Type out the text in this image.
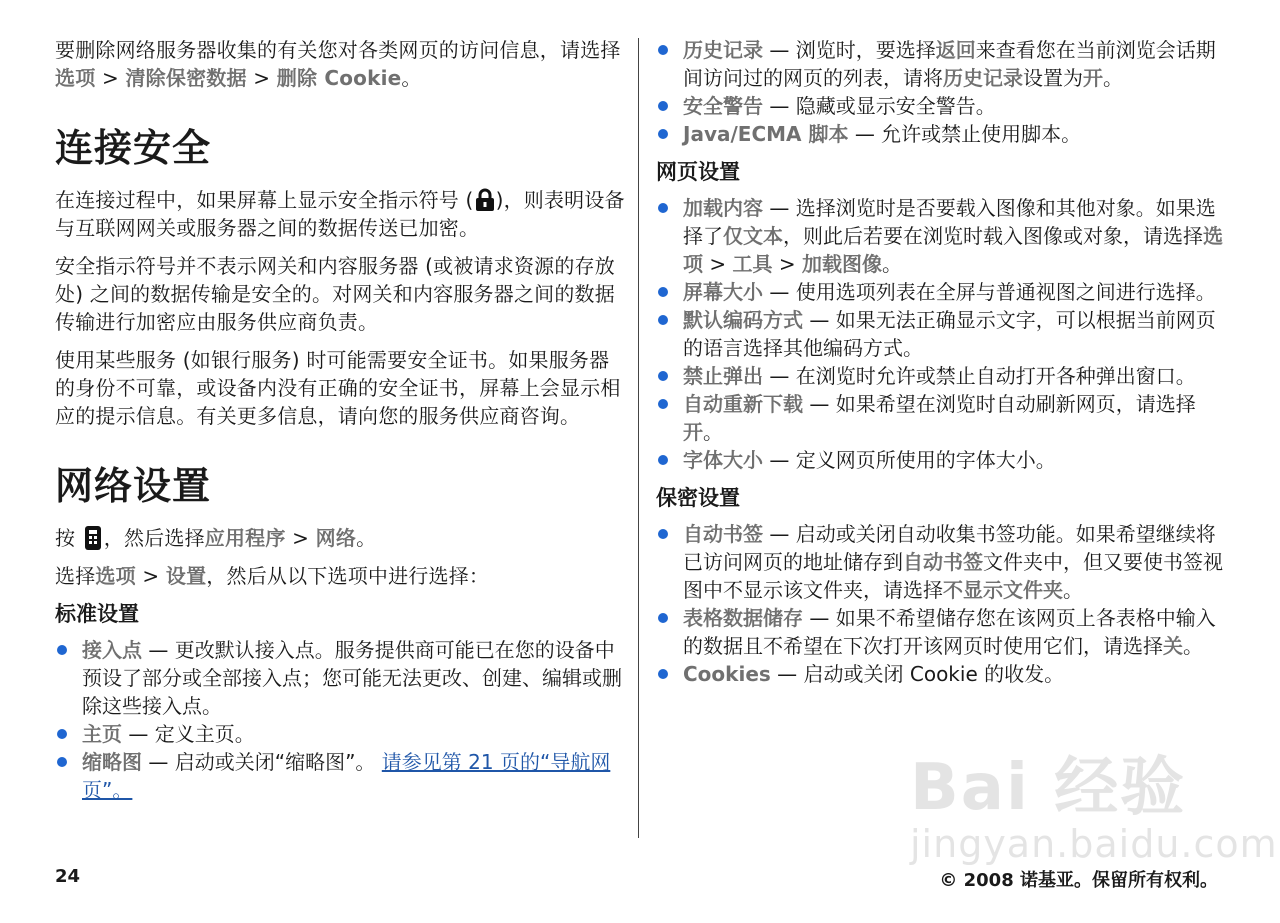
要删除网络服务器收集的有关您对各类网页的访问信息，请选择选项 > 清除保密数据 > 删除 Cookie。

连接安全

在连接过程中，如果屏幕上显示安全指示符号 ( )，则表明设备与互联网网关或服务器之间的数据传送已加密。

安全指示符号并不表示网关和内容服务器 (或被请求资源的存放处) 之间的数据传输是安全的。对网关和内容服务器之间的数据传输进行加密应由服务供应商负责。

使用某些服务 (如银行服务) 时可能需要安全证书。如果服务器的身份不可靠，或设备内没有正确的安全证书，屏幕上会显示相应的提示信息。有关更多信息，请向您的服务供应商咨询。

网络设置

按 ，然后选择应用程序 > 网络。

选择选项 > 设置，然后从以下选项中进行选择：

标准设置
接入点 — 更改默认接入点。服务提供商可能已在您的设备中预设了部分或全部接入点；您可能无法更改、创建、编辑或删除这些接入点。
主页 — 定义主页。
缩略图 — 启动或关闭“缩略图”。 请参见第 21 页的“导航网页”。
历史记录 — 浏览时，要选择返回来查看您在当前浏览会话期间访问过的网页的列表，请将历史记录设置为开。
安全警告 — 隐藏或显示安全警告。
Java/ECMA 脚本 — 允许或禁止使用脚本。
网页设置
加载内容 — 选择浏览时是否要载入图像和其他对象。如果选择了仅文本，则此后若要在浏览时载入图像或对象，请选择选项 > 工具 > 加载图像。
屏幕大小 — 使用选项列表在全屏与普通视图之间进行选择。
默认编码方式 — 如果无法正确显示文字，可以根据当前网页的语言选择其他编码方式。
禁止弹出 — 在浏览时允许或禁止自动打开各种弹出窗口。
自动重新下载 — 如果希望在浏览时自动刷新网页，请选择开。
字体大小 — 定义网页所使用的字体大小。
保密设置
自动书签 — 启动或关闭自动收集书签功能。如果希望继续将已访问网页的地址储存到自动书签文件夹中，但又要使书签视图中不显示该文件夹，请选择不显示文件夹。
表格数据储存 — 如果不希望储存您在该网页上各表格中输入的数据且不希望在下次打开该网页时使用它们，请选择关。
Cookies — 启动或关闭 Cookie 的收发。
24	© 2008 诺基亚。保留所有权利。
Bai 经验
jingyan.baidu.com
